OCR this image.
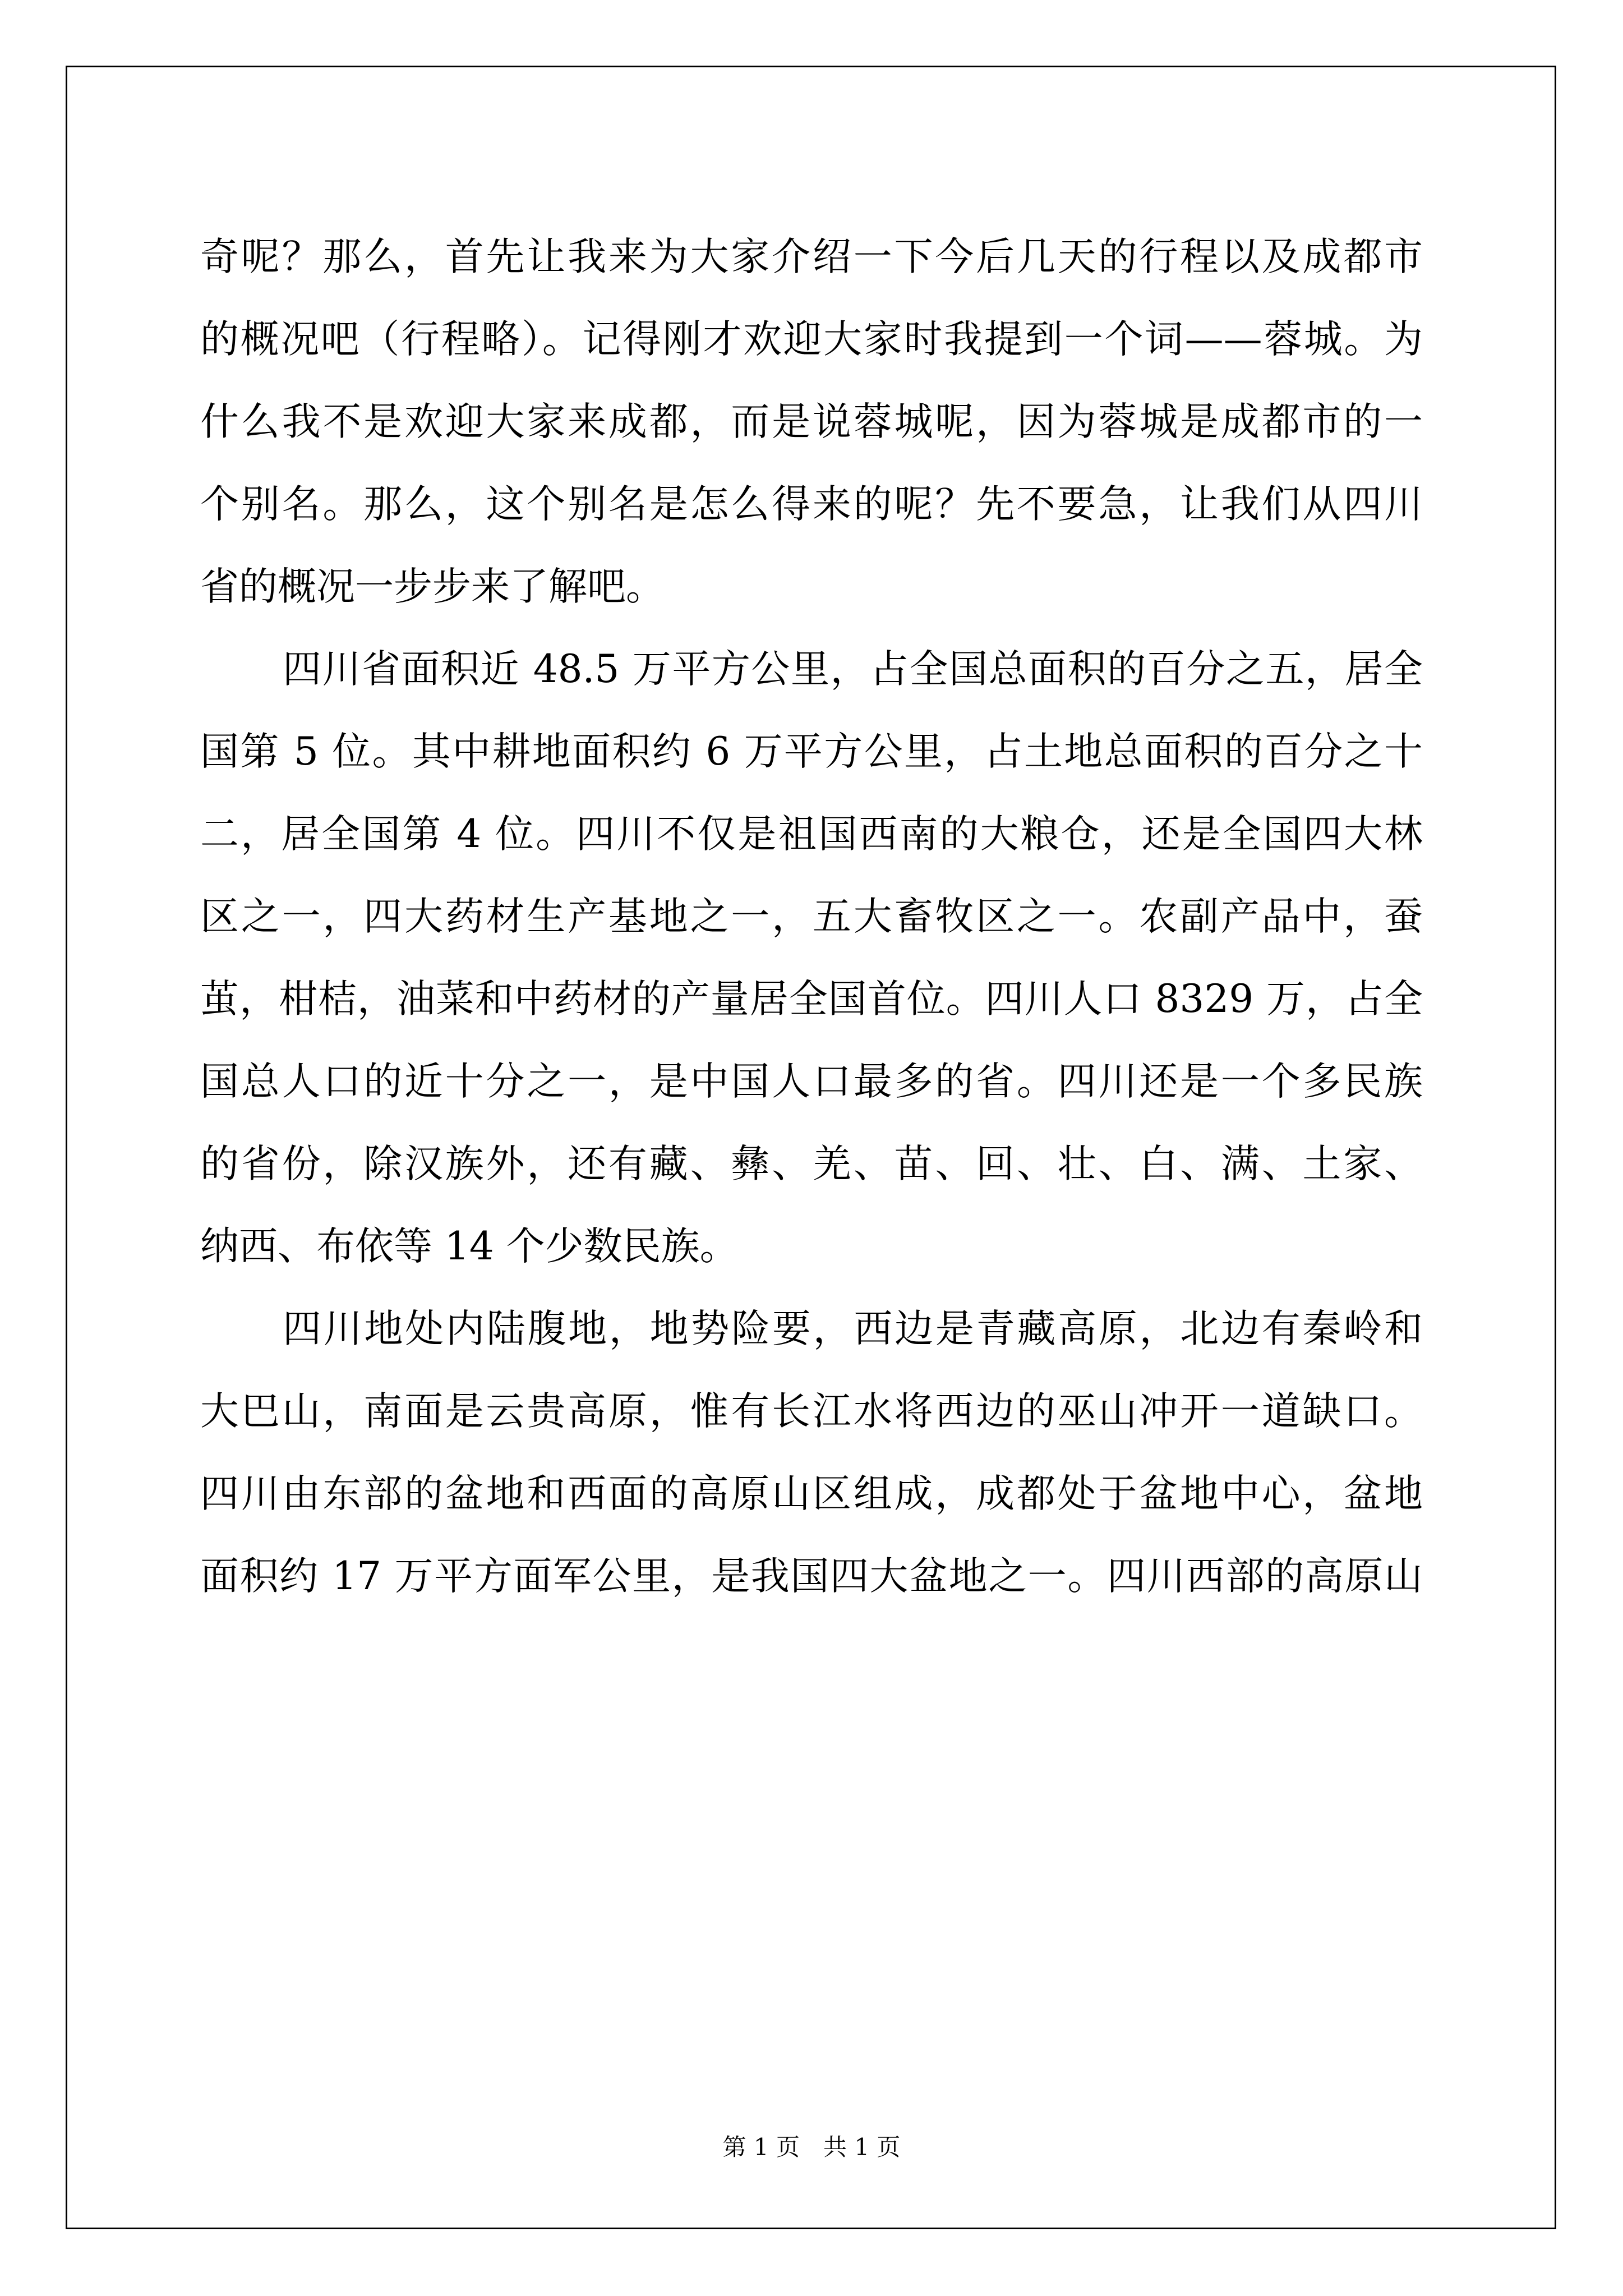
奇呢？那么，首先让我来为大家介绍一下今后几天的行程以及成都市
的概况吧（行程略）。记得刚才欢迎大家时我提到一个词——蓉城。为
什么我不是欢迎大家来成都，而是说蓉城呢，因为蓉城是成都市的一
个别名。那么，这个别名是怎么得来的呢？先不要急，让我们从四川
省的概况一步步来了解吧。
四川省面积近 48.5 万平方公里，占全国总面积的百分之五，居全
国第 5 位。其中耕地面积约 6 万平方公里，占土地总面积的百分之十
二，居全国第 4 位。四川不仅是祖国西南的大粮仓，还是全国四大林
区之一，四大药材生产基地之一，五大畜牧区之一。农副产品中，蚕
茧，柑桔，油菜和中药材的产量居全国首位。四川人口 8329 万，占全
国总人口的近十分之一，是中国人口最多的省。四川还是一个多民族
的省份，除汉族外，还有藏、彝、羌、苗、回、壮、白、满、土家、
纳西、布依等 14 个少数民族。
四川地处内陆腹地，地势险要，西边是青藏高原，北边有秦岭和
大巴山，南面是云贵高原，惟有长江水将西边的巫山冲开一道缺口。
四川由东部的盆地和西面的高原山区组成，成都处于盆地中心，盆地
面积约 17 万平方面军公里，是我国四大盆地之一。四川西部的高原山
第 1 页　共 1 页
